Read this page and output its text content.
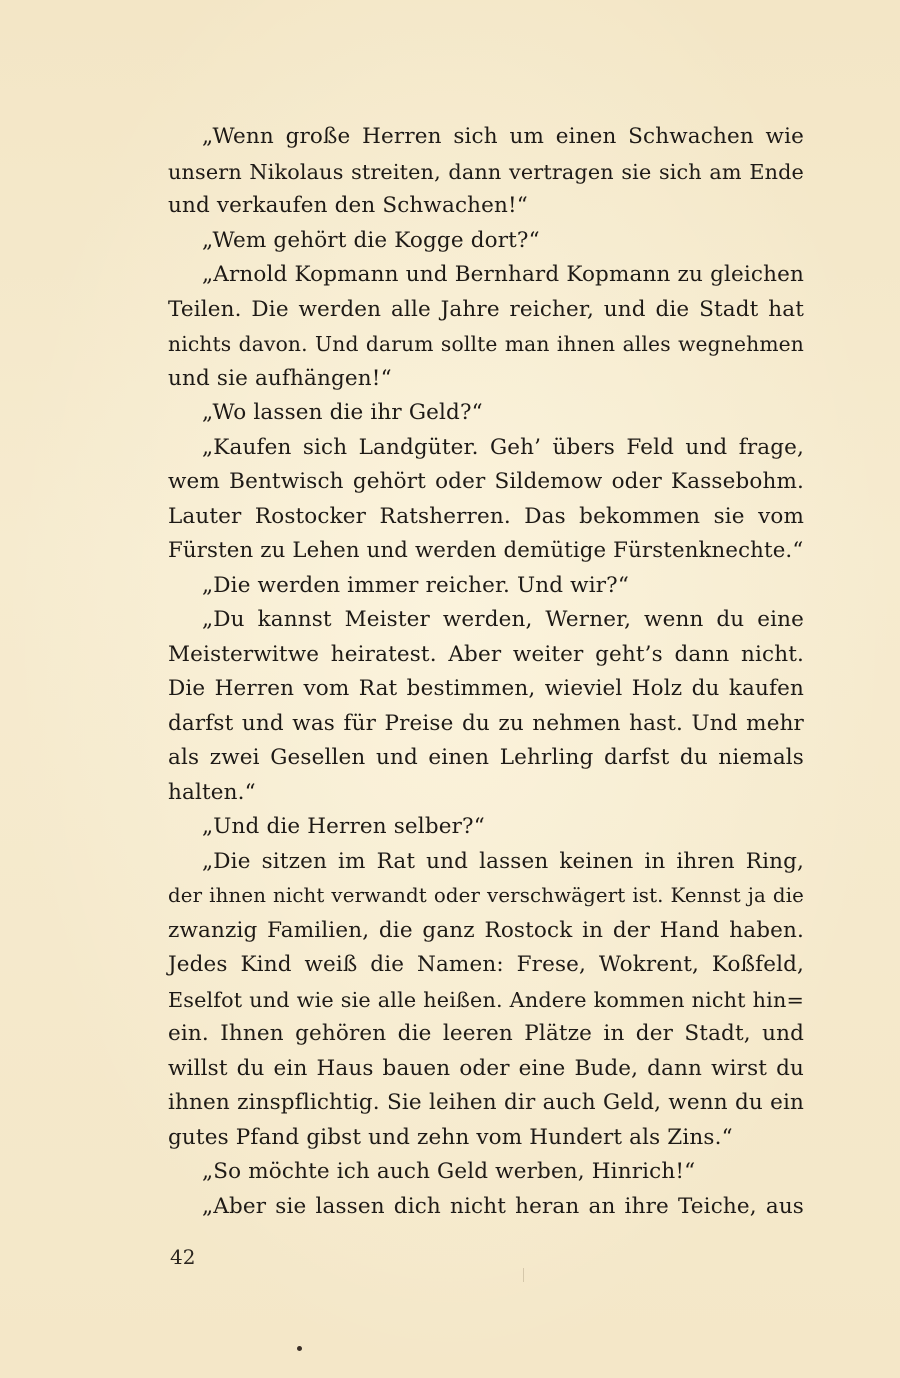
„Wenn große Herren sich um einen Schwachen wie
unsern Nikolaus streiten, dann vertragen sie sich am Ende
und verkaufen den Schwachen!“
„Wem gehört die Kogge dort?“
„Arnold Kopmann und Bernhard Kopmann zu gleichen
Teilen. Die werden alle Jahre reicher, und die Stadt hat
nichts davon. Und darum sollte man ihnen alles wegnehmen
und sie aufhängen!“
„Wo lassen die ihr Geld?“
„Kaufen sich Landgüter. Geh’ übers Feld und frage,
wem Bentwisch gehört oder Sildemow oder Kassebohm.
Lauter Rostocker Ratsherren. Das bekommen sie vom
Fürsten zu Lehen und werden demütige Fürstenknechte.“
„Die werden immer reicher. Und wir?“
„Du kannst Meister werden, Werner, wenn du eine
Meisterwitwe heiratest. Aber weiter geht’s dann nicht.
Die Herren vom Rat bestimmen, wieviel Holz du kaufen
darfst und was für Preise du zu nehmen hast. Und mehr
als zwei Gesellen und einen Lehrling darfst du niemals
halten.“
„Und die Herren selber?“
„Die sitzen im Rat und lassen keinen in ihren Ring,
der ihnen nicht verwandt oder verschwägert ist. Kennst ja die
zwanzig Familien, die ganz Rostock in der Hand haben.
Jedes Kind weiß die Namen: Frese, Wokrent, Koßfeld,
Eselfot und wie sie alle heißen. Andere kommen nicht hin=
ein. Ihnen gehören die leeren Plätze in der Stadt, und
willst du ein Haus bauen oder eine Bude, dann wirst du
ihnen zinspflichtig. Sie leihen dir auch Geld, wenn du ein
gutes Pfand gibst und zehn vom Hundert als Zins.“
„So möchte ich auch Geld werben, Hinrich!“
„Aber sie lassen dich nicht heran an ihre Teiche, aus
42
